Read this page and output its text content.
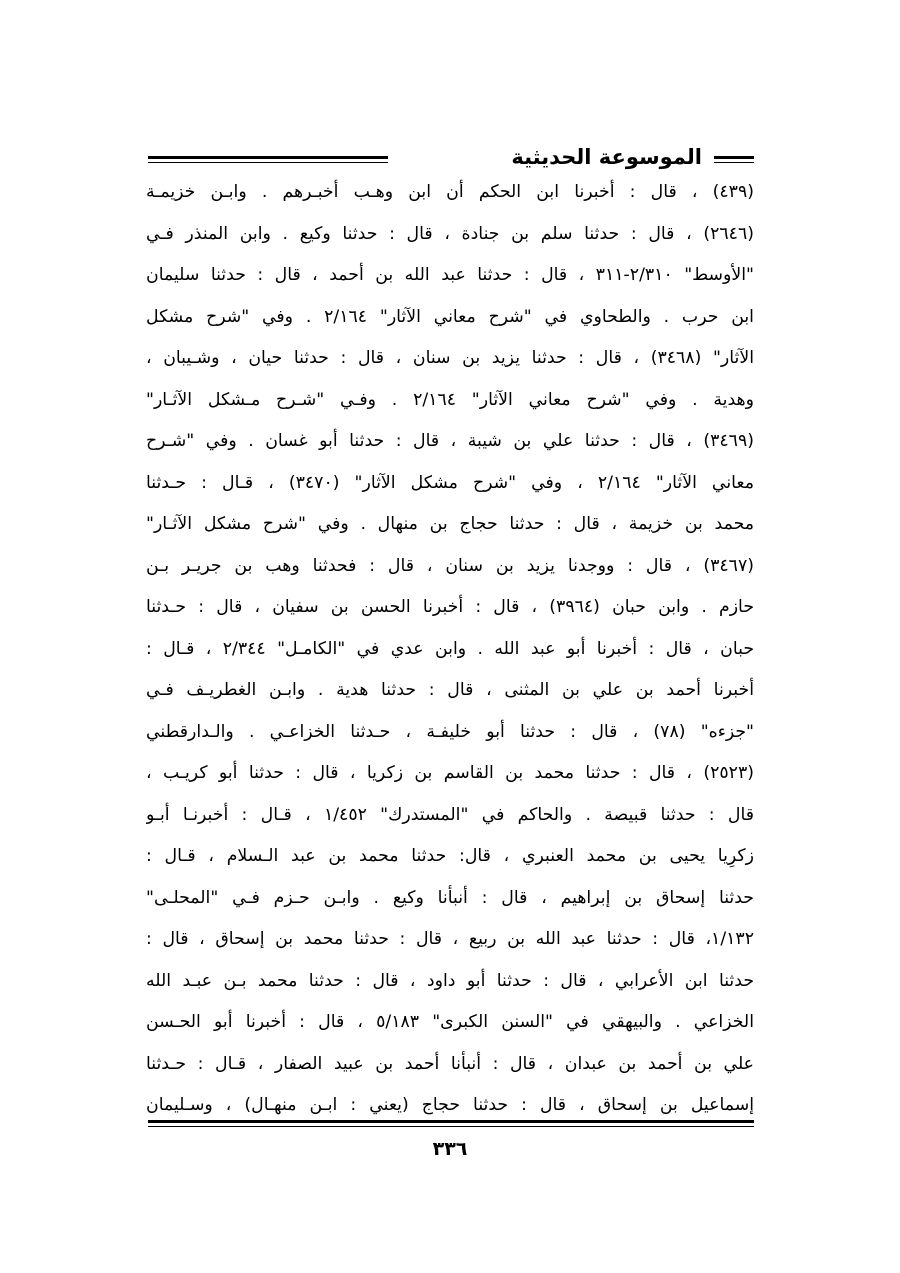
الموسوعة الحديثية
(٤٣٩) ، قال : أخبرنا ابن الحكم أن ابن وهـب أخبـرهم . وابـن خزيمـة
(٢٦٤٦) ، قال : حدثنا سلم بن جنادة ، قال : حدثنا وكيع . وابن المنذر فـي
"الأوسط" ٢/٣١٠-٣١١ ، قال : حدثنا عبد الله بن أحمد ، قال : حدثنا سليمان
ابن حرب . والطحاوي في "شرح معاني الآثار" ٢/١٦٤ . وفي "شرح مشكل
الآثار" (٣٤٦٨) ، قال : حدثنا يزيد بن سنان ، قال : حدثنا حيان ، وشـيبان ،
وهدية . وفي "شرح معاني الآثار" ٢/١٦٤ . وفـي "شـرح مـشكل الآثـار"
(٣٤٦٩) ، قال : حدثنا علي بن شيبة ، قال : حدثنا أبو غسان . وفي "شـرح
معاني الآثار" ٢/١٦٤ ، وفي "شرح مشكل الآثار" (٣٤٧٠) ، قـال : حـدثنا
محمد بن خزيمة ، قال : حدثنا حجاج بن منهال . وفي "شرح مشكل الآثـار"
(٣٤٦٧) ، قال : ووجدنا يزيد بن سنان ، قال : فحدثنا وهب بن جريـر بـن
حازم . وابن حبان (٣٩٦٤) ، قال : أخبرنا الحسن بن سفيان ، قال : حـدثنا
حبان ، قال : أخبرنا أبو عبد الله . وابن عدي في "الكامـل" ٢/٣٤٤ ، قـال :
أخبرنا أحمد بن علي بن المثنى ، قال : حدثنا هدية . وابـن الغطريـف فـي
"جزءه" (٧٨) ، قال : حدثنا أبو خليفـة ، حـدثنا الخزاعـي . والـدارقطني
(٢٥٢٣) ، قال : حدثنا محمد بن القاسم بن زكريا ، قال : حدثنا أبو كريـب ،
قال : حدثنا قبيصة . والحاكم في "المستدرك" ١/٤٥٢ ، قـال : أخبرنـا أبـو
زكرِيا يحيى بن محمد العنبري ، قال: حدثنا محمد بن عبد الـسلام ، قـال :
حدثنا إسحاق بن إبراهيم ، قال : أنبأنا وكيع . وابـن حـزم فـي "المحلـى"
١/١٣٢، قال : حدثنا عبد الله بن ربيع ، قال : حدثنا محمد بن إسحاق ، قال :
حدثنا ابن الأعرابي ، قال : حدثنا أبو داود ، قال : حدثنا محمد بـن عبـد الله
الخزاعي . والبيهقي في "السنن الكبرى" ٥/١٨٣ ، قال : أخبرنا أبو الحـسن
علي بن أحمد بن عبدان ، قال : أنبأنا أحمد بن عبيد الصفار ، قـال : حـدثنا
إسماعيل بن إسحاق ، قال : حدثنا حجاج (يعني : ابـن منهـال) ، وسـليمان
٣٣٦
